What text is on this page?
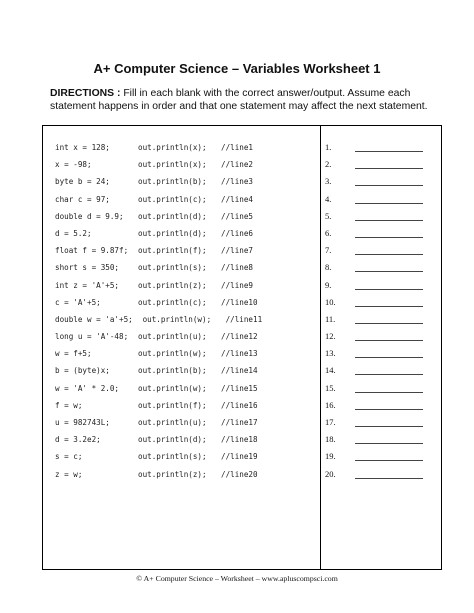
A+ Computer Science – Variables Worksheet 1
DIRECTIONS : Fill in each blank with the correct answer/output. Assume each statement happens in order and that one statement may affect the next statement.
int x = 128;	out.println(x); //line1	1.
x = -98;	out.println(x); //line2	2.
byte b = 24;	out.println(b); //line3	3.
char c = 97;	out.println(c); //line4	4.
double d = 9.9; out.println(d); //line5	5.
d = 5.2;	out.println(d); //line6	6.
float f = 9.87f; out.println(f); //line7	7.
short s = 350; out.println(s); //line8	8.
int z = 'A'+5; out.println(z); //line9	9.
c = 'A'+5;	out.println(c); //line10	10.
double w = 'a'+5; out.println(w); //line11	11.
long u = 'A'-48; out.println(u); //line12	12.
w = f+5;	out.println(w); //line13	13.
b = (byte)x;	out.println(b); //line14	14.
w = 'A' * 2.0; out.println(w); //line15	15.
f = w;	out.println(f); //line16	16.
u = 982743L;	out.println(u); //line17	17.
d = 3.2e2;	out.println(d); //line18	18.
s = c;	out.println(s); //line19	19.
z = w;	out.println(z); //line20	20.
© A+ Computer Science – Worksheet – www.apluscompsci.com
